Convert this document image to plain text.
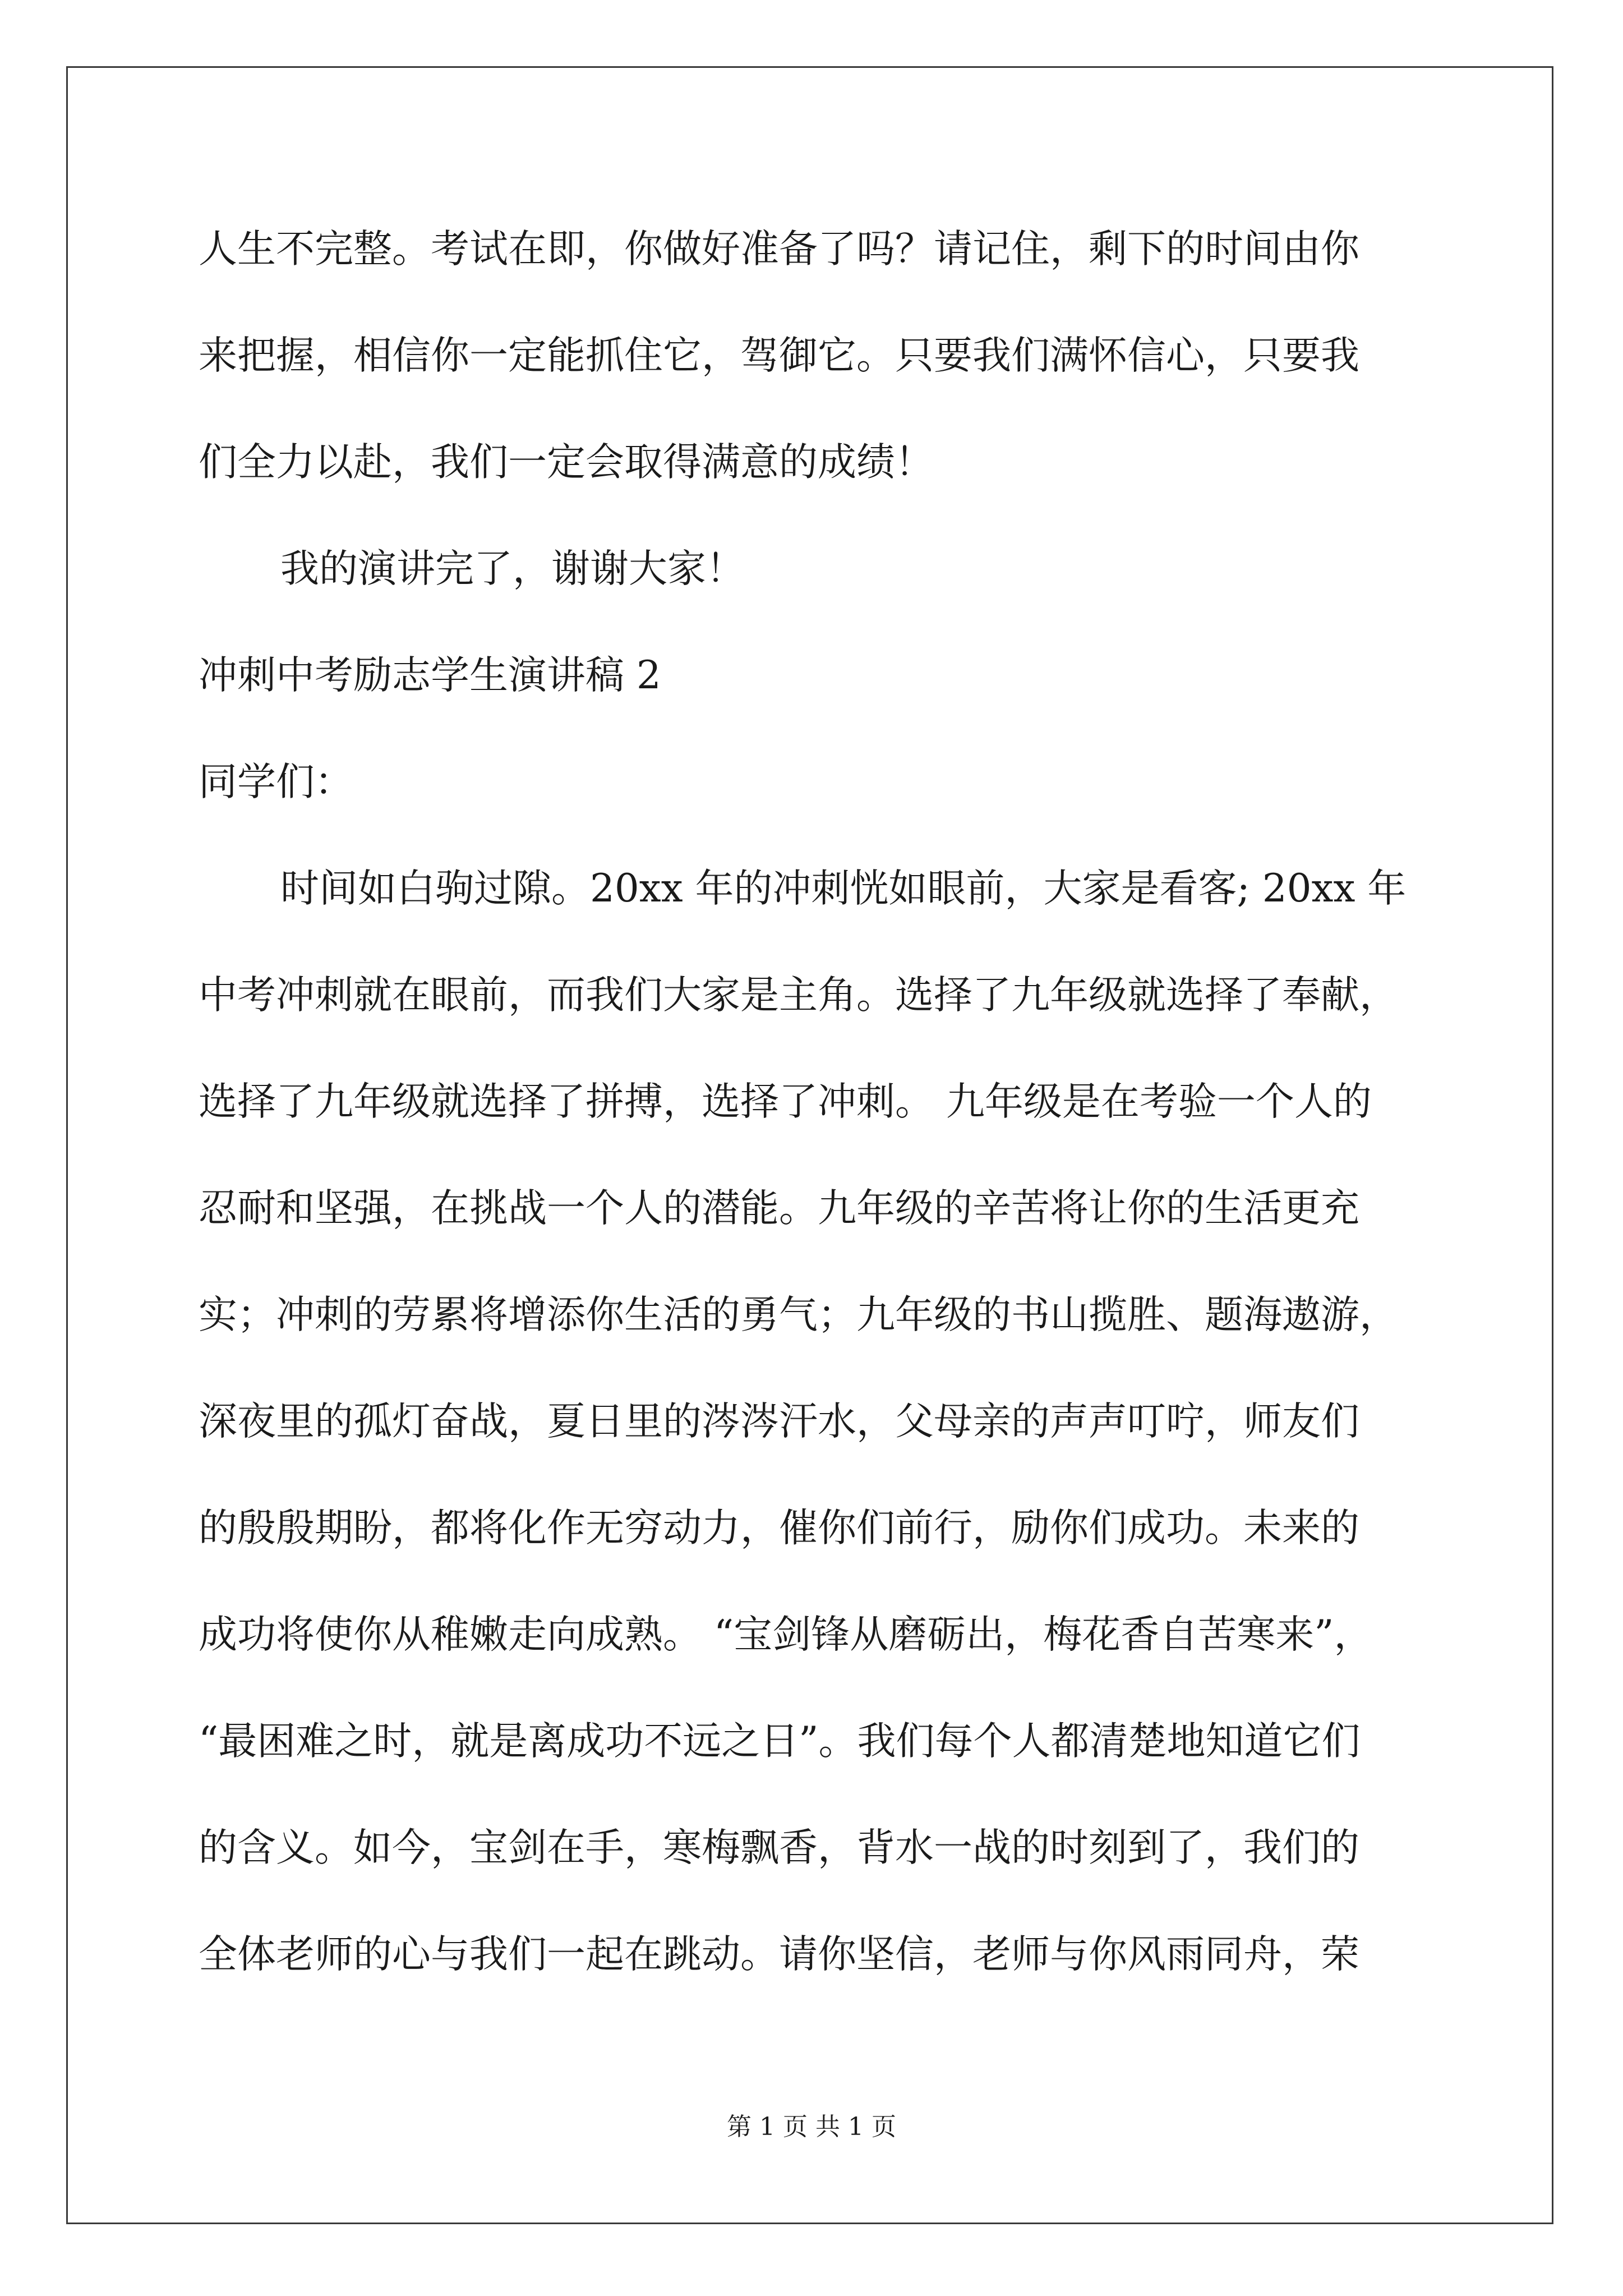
人生不完整。考试在即，你做好准备了吗？请记住，剩下的时间由你
来把握，相信你一定能抓住它，驾御它。只要我们满怀信心，只要我
们全力以赴，我们一定会取得满意的成绩！
我的演讲完了，谢谢大家！
冲刺中考励志学生演讲稿 2
同学们：
时间如白驹过隙。20xx 年的冲刺恍如眼前，大家是看客; 20xx 年
中考冲刺就在眼前，而我们大家是主角。选择了九年级就选择了奉献，
选择了九年级就选择了拼搏，选择了冲刺。 九年级是在考验一个人的
忍耐和坚强，在挑战一个人的潜能。九年级的辛苦将让你的生活更充
实；冲刺的劳累将增添你生活的勇气；九年级的书山揽胜、题海遨游，
深夜里的孤灯奋战，夏日里的涔涔汗水，父母亲的声声叮咛，师友们
的殷殷期盼，都将化作无穷动力，催你们前行，励你们成功。未来的
成功将使你从稚嫩走向成熟。 “宝剑锋从磨砺出，梅花香自苦寒来”，
“最困难之时，就是离成功不远之日”。我们每个人都清楚地知道它们
的含义。如今，宝剑在手，寒梅飘香，背水一战的时刻到了，我们的
全体老师的心与我们一起在跳动。请你坚信，老师与你风雨同舟，荣
第 1 页 共 1 页
